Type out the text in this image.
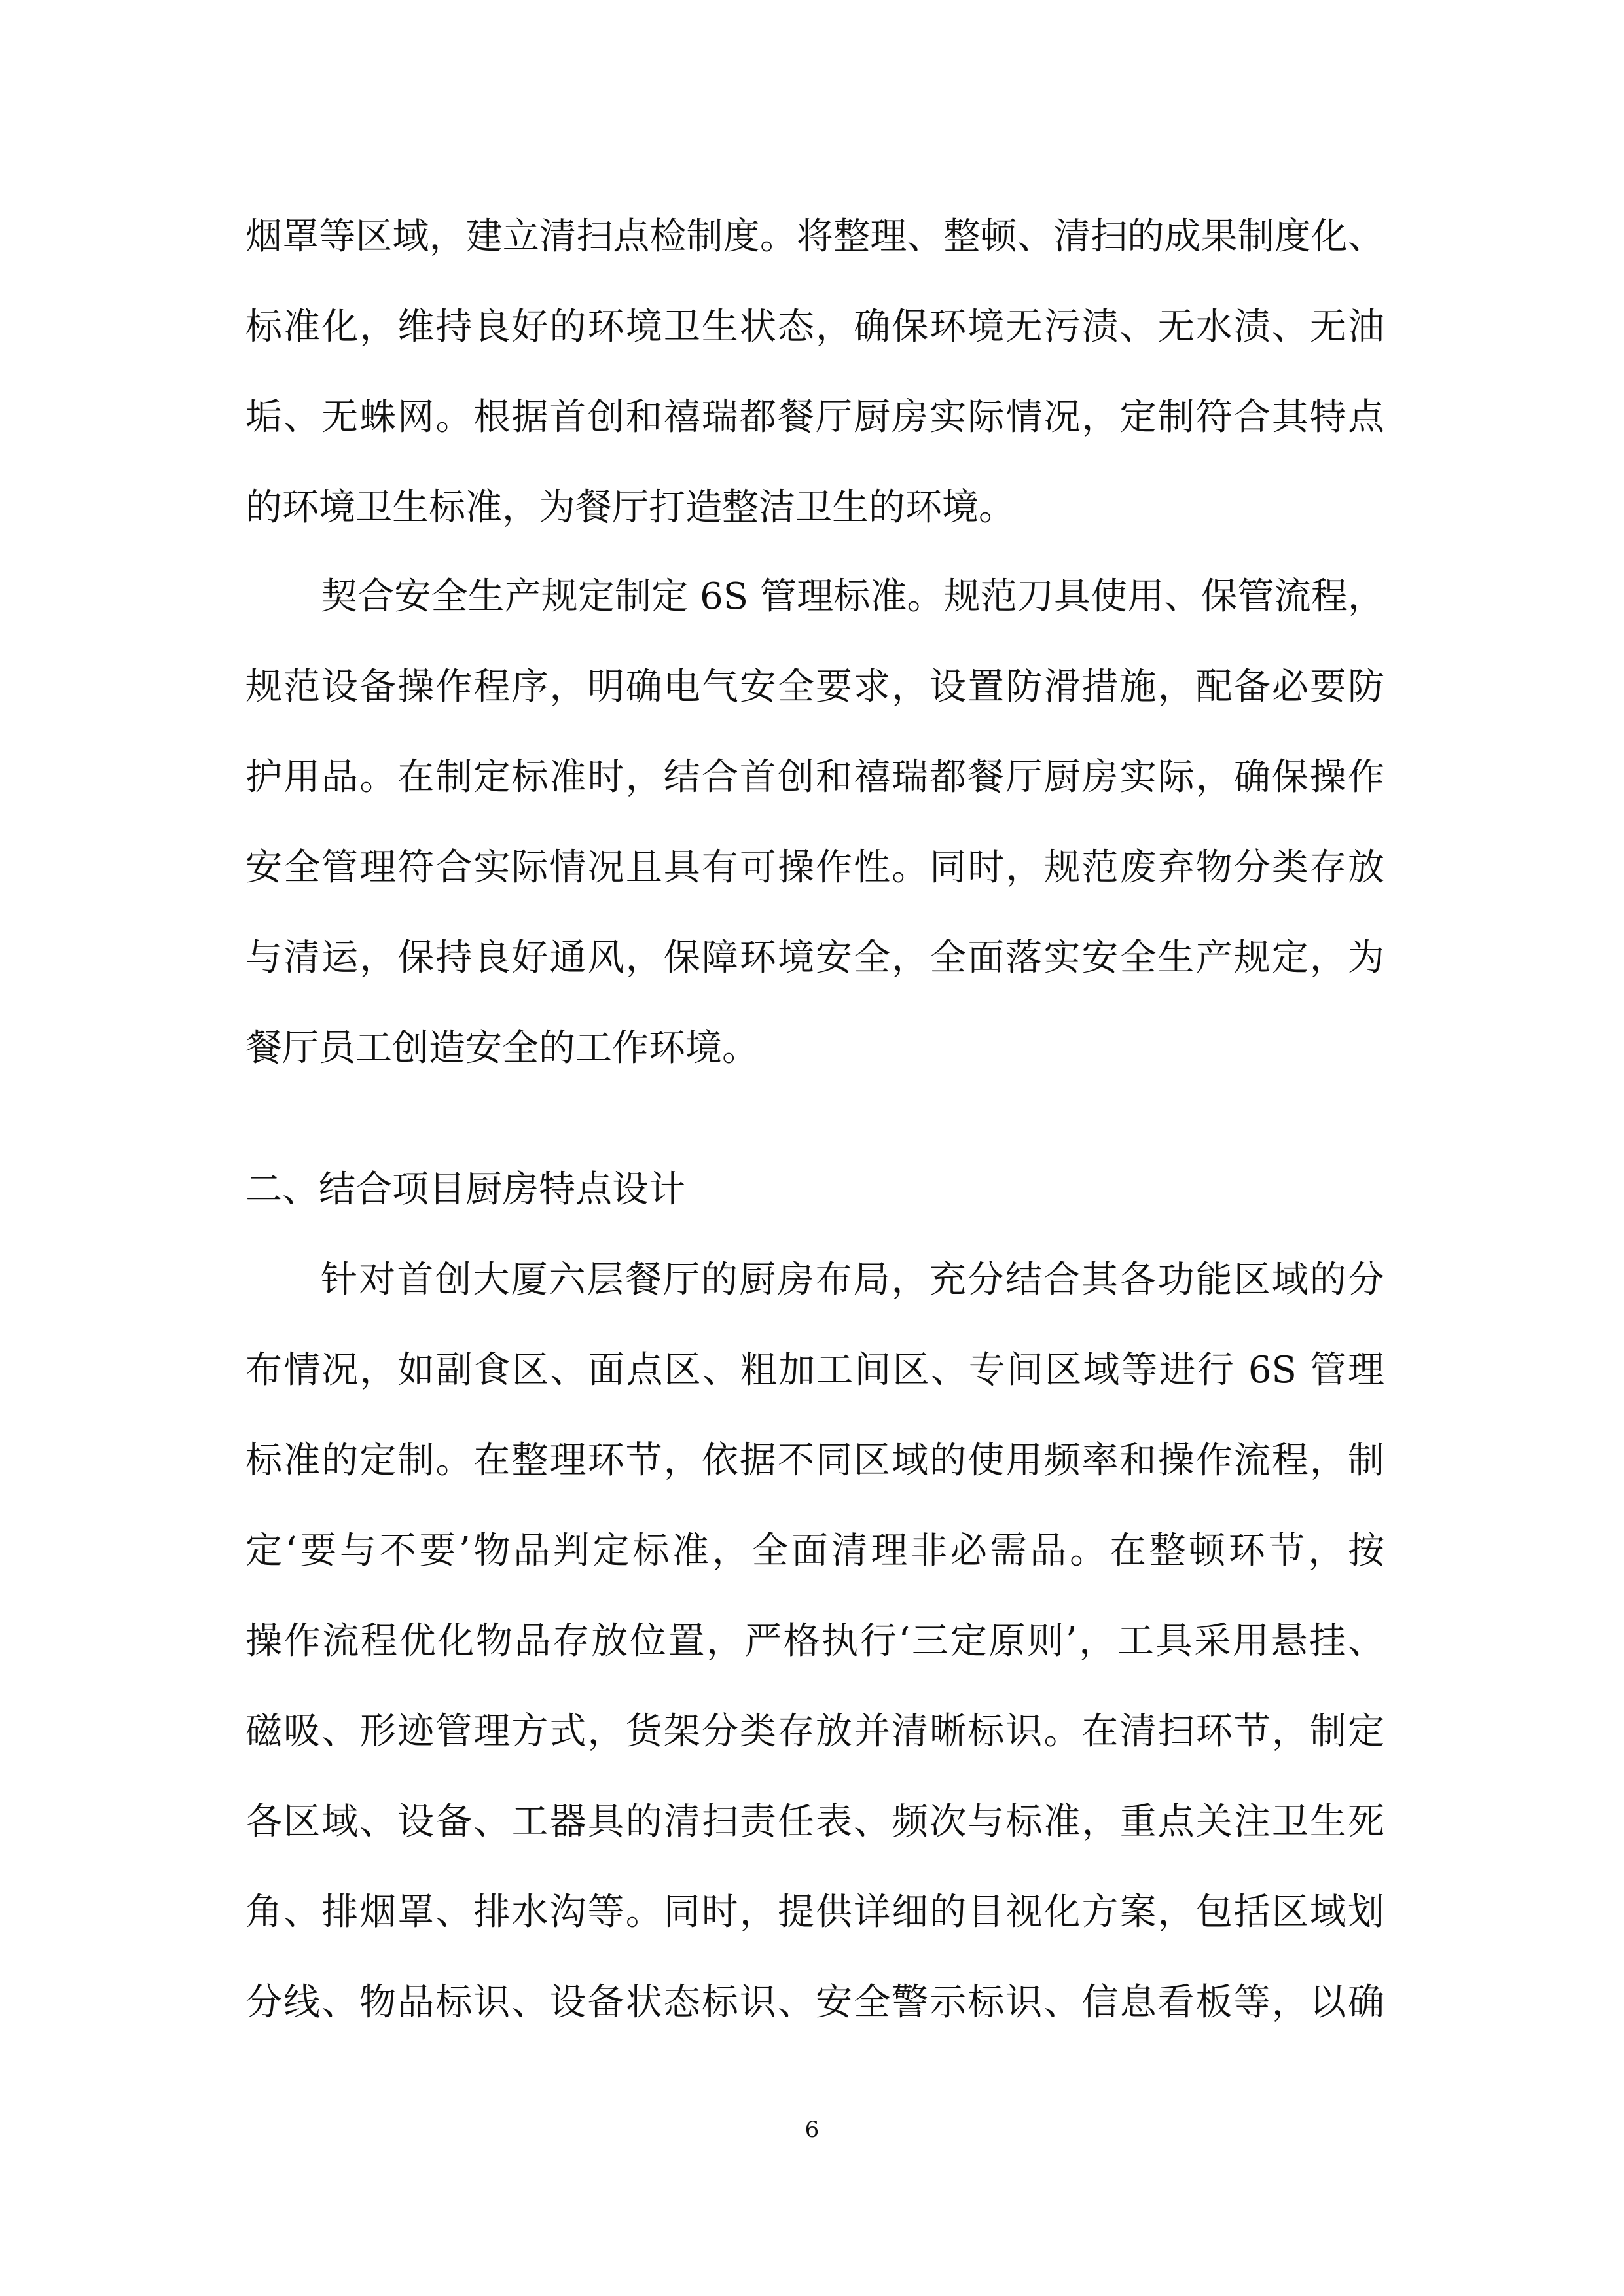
烟罩等区域，建立清扫点检制度。将整理、整顿、清扫的成果制度化、
标准化，维持良好的环境卫生状态，确保环境无污渍、无水渍、无油
垢、无蛛网。根据首创和禧瑞都餐厅厨房实际情况，定制符合其特点
的环境卫生标准，为餐厅打造整洁卫生的环境。
契合安全生产规定制定 6S 管理标准。规范刀具使用、保管流程，
规范设备操作程序，明确电气安全要求，设置防滑措施，配备必要防
护用品。在制定标准时，结合首创和禧瑞都餐厅厨房实际，确保操作
安全管理符合实际情况且具有可操作性。同时，规范废弃物分类存放
与清运，保持良好通风，保障环境安全，全面落实安全生产规定，为
餐厅员工创造安全的工作环境。
二、结合项目厨房特点设计
针对首创大厦六层餐厅的厨房布局，充分结合其各功能区域的分
布情况，如副食区、面点区、粗加工间区、专间区域等进行 6S 管理
标准的定制。在整理环节，依据不同区域的使用频率和操作流程，制
定‘要与不要’物品判定标准，全面清理非必需品。在整顿环节，按
操作流程优化物品存放位置，严格执行‘三定原则’，工具采用悬挂、
磁吸、形迹管理方式，货架分类存放并清晰标识。在清扫环节，制定
各区域、设备、工器具的清扫责任表、频次与标准，重点关注卫生死
角、排烟罩、排水沟等。同时，提供详细的目视化方案，包括区域划
分线、物品标识、设备状态标识、安全警示标识、信息看板等，以确
6
